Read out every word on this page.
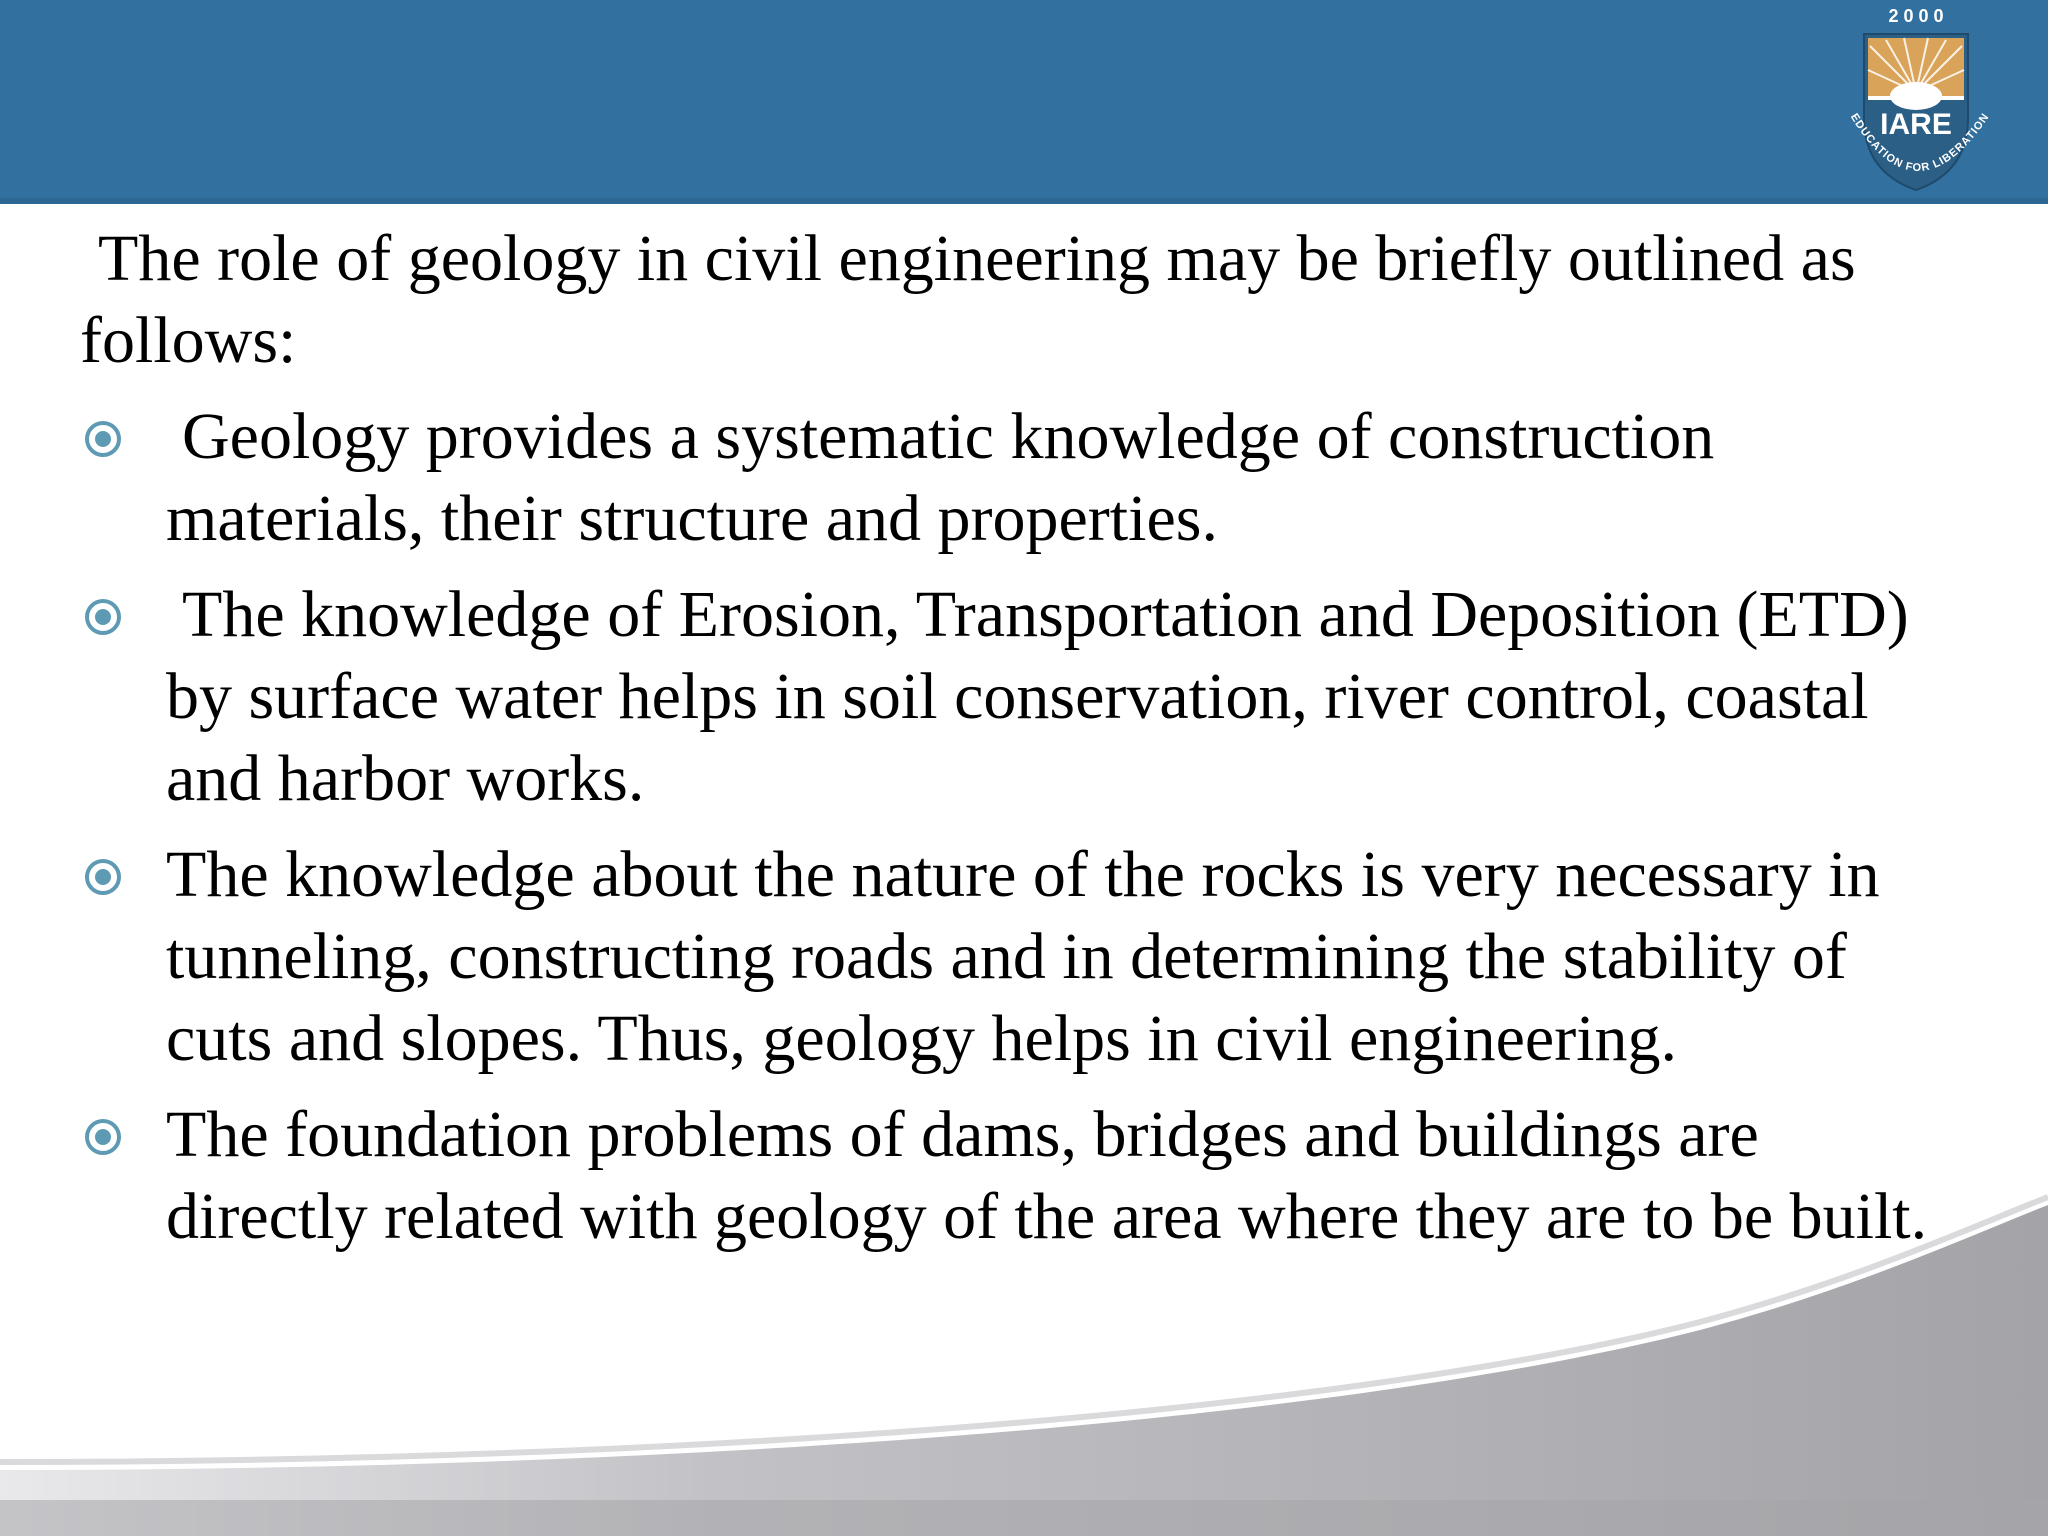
2 0 0 0
IARE
EDUCATION FOR LIBERATION

The role of geology in civil engineering may be briefly outlined as
follows:

Geology provides a systematic knowledge of construction
materials, their structure and properties.
The knowledge of Erosion, Transportation and Deposition (ETD)
by surface water helps in soil conservation, river control, coastal
and harbor works.
The knowledge about the nature of the rocks is very necessary in
tunneling, constructing roads and in determining the stability of
cuts and slopes. Thus, geology helps in civil engineering.
The foundation problems of dams, bridges and buildings are
directly related with geology of the area where they are to be built.
